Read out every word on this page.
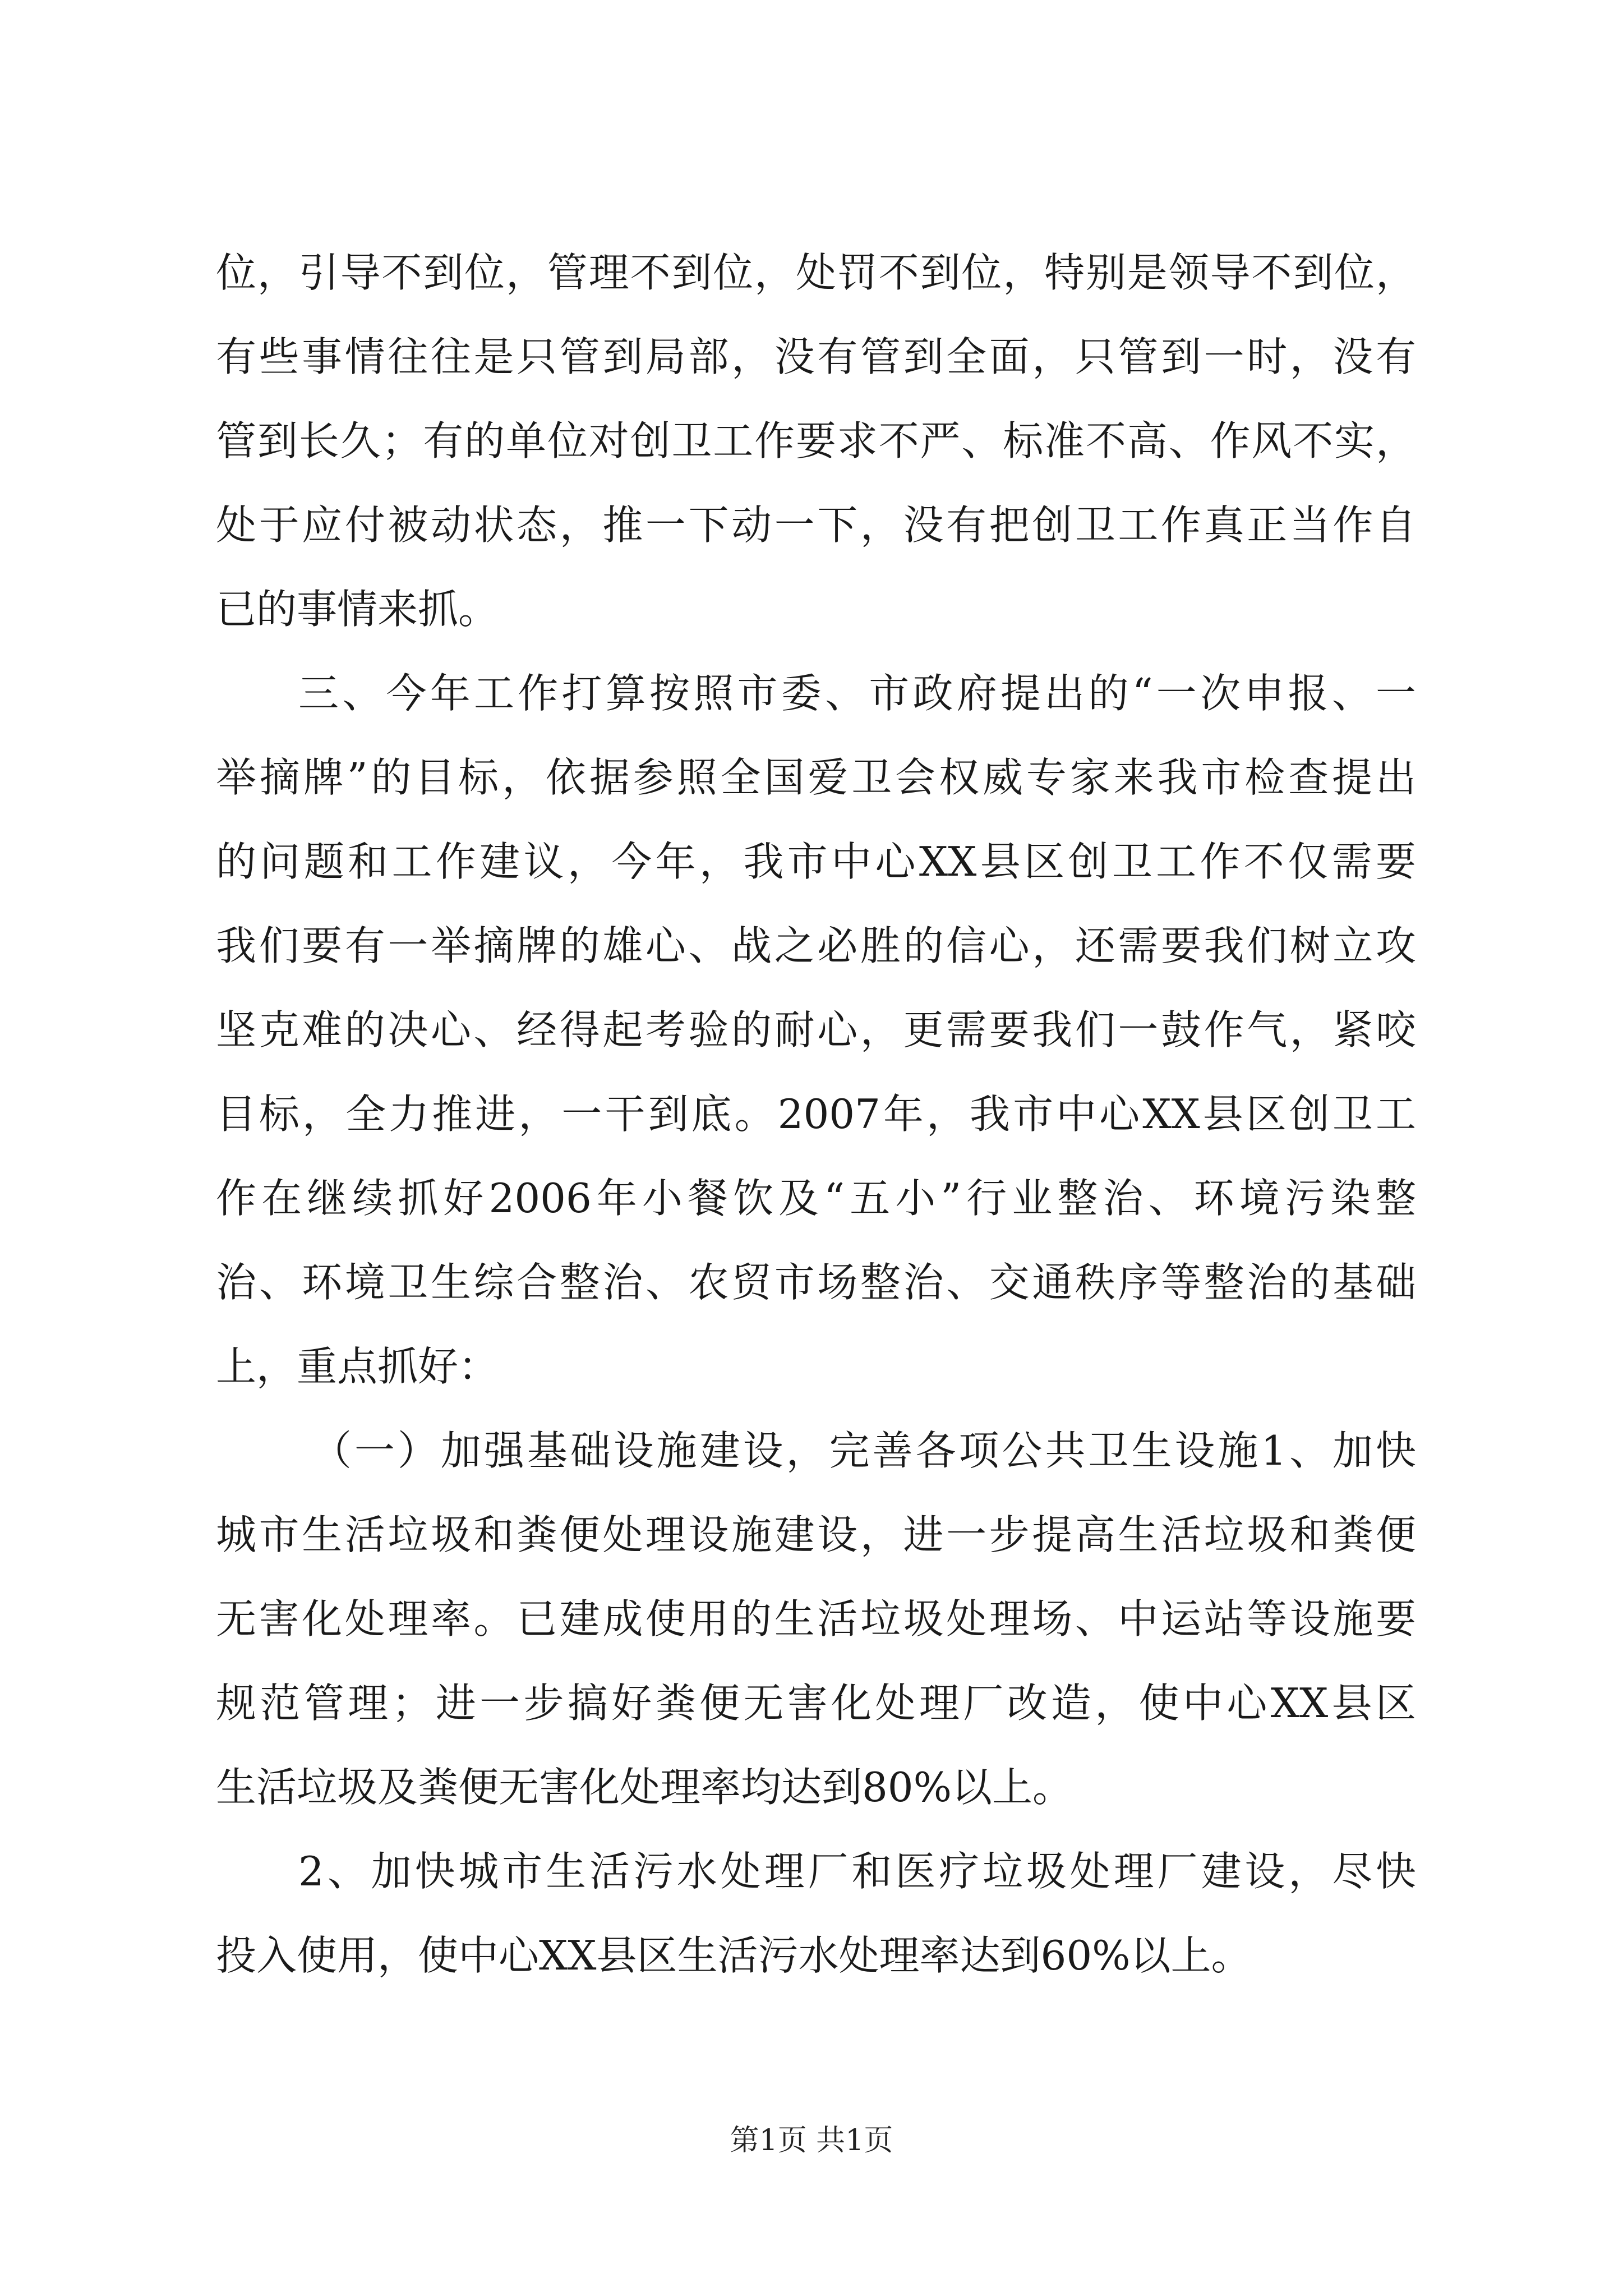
位，引导不到位，管理不到位，处罚不到位，特别是领导不到位，
有些事情往往是只管到局部，没有管到全面，只管到一时，没有
管到长久；有的单位对创卫工作要求不严、标准不高、作风不实，
处于应付被动状态，推一下动一下，没有把创卫工作真正当作自
已的事情来抓。
三、今年工作打算按照市委、市政府提出的“一次申报、一
举摘牌”的目标，依据参照全国爱卫会权威专家来我市检查提出
的问题和工作建议，今年，我市中心XX县区创卫工作不仅需要
我们要有一举摘牌的雄心、战之必胜的信心，还需要我们树立攻
坚克难的决心、经得起考验的耐心，更需要我们一鼓作气，紧咬
目标，全力推进，一干到底。2007年，我市中心XX县区创卫工
作在继续抓好2006年小餐饮及“五小”行业整治、环境污染整
治、环境卫生综合整治、农贸市场整治、交通秩序等整治的基础
上，重点抓好：
（一）加强基础设施建设，完善各项公共卫生设施1、加快
城市生活垃圾和粪便处理设施建设，进一步提高生活垃圾和粪便
无害化处理率。已建成使用的生活垃圾处理场、中运站等设施要
规范管理；进一步搞好粪便无害化处理厂改造，使中心XX县区
生活垃圾及粪便无害化处理率均达到80%以上。
2、加快城市生活污水处理厂和医疗垃圾处理厂建设，尽快
投入使用，使中心XX县区生活污水处理率达到60%以上。
第1页 共1页
